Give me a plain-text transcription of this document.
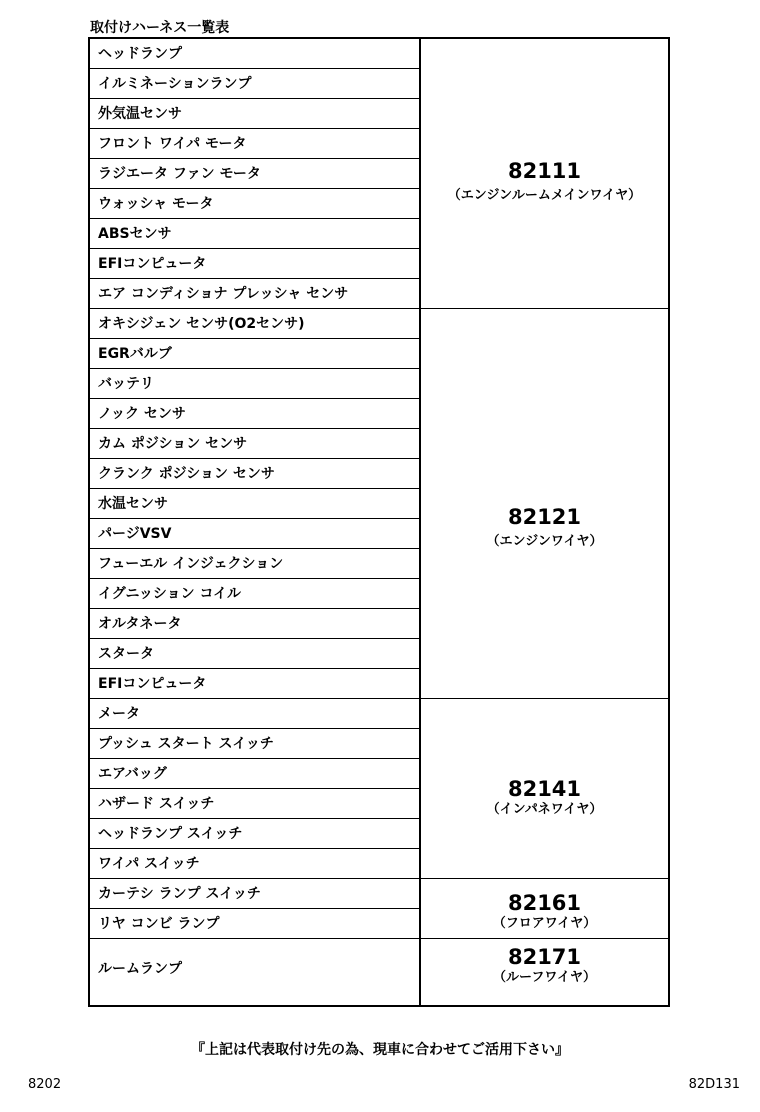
取付けハーネス一覧表
ヘッドランプ
イルミネーションランプ
外気温センサ
フロント ワイパ モータ
ラジエータ ファン モータ
ウォッシャ モータ
ABSセンサ
EFIコンピュータ
エア コンディショナ プレッシャ センサ
オキシジェン センサ(O2センサ)
EGRバルブ
バッテリ
ノック センサ
カム ポジション センサ
クランク ポジション センサ
水温センサ
パージVSV
フューエル インジェクション
イグニッション コイル
オルタネータ
スタータ
EFIコンピュータ
メータ
プッシュ スタート スイッチ
エアバッグ
ハザード スイッチ
ヘッドランプ スイッチ
ワイパ スイッチ
カーテシ ランプ スイッチ
リヤ コンビ ランプ
ルームランプ
82111
（エンジンルームメインワイヤ）
82121
（エンジンワイヤ）
82141
（インパネワイヤ）
82161
（フロアワイヤ）
82171
（ルーフワイヤ）
『上記は代表取付け先の為、現車に合わせてご活用下さい』
8202	82D131
